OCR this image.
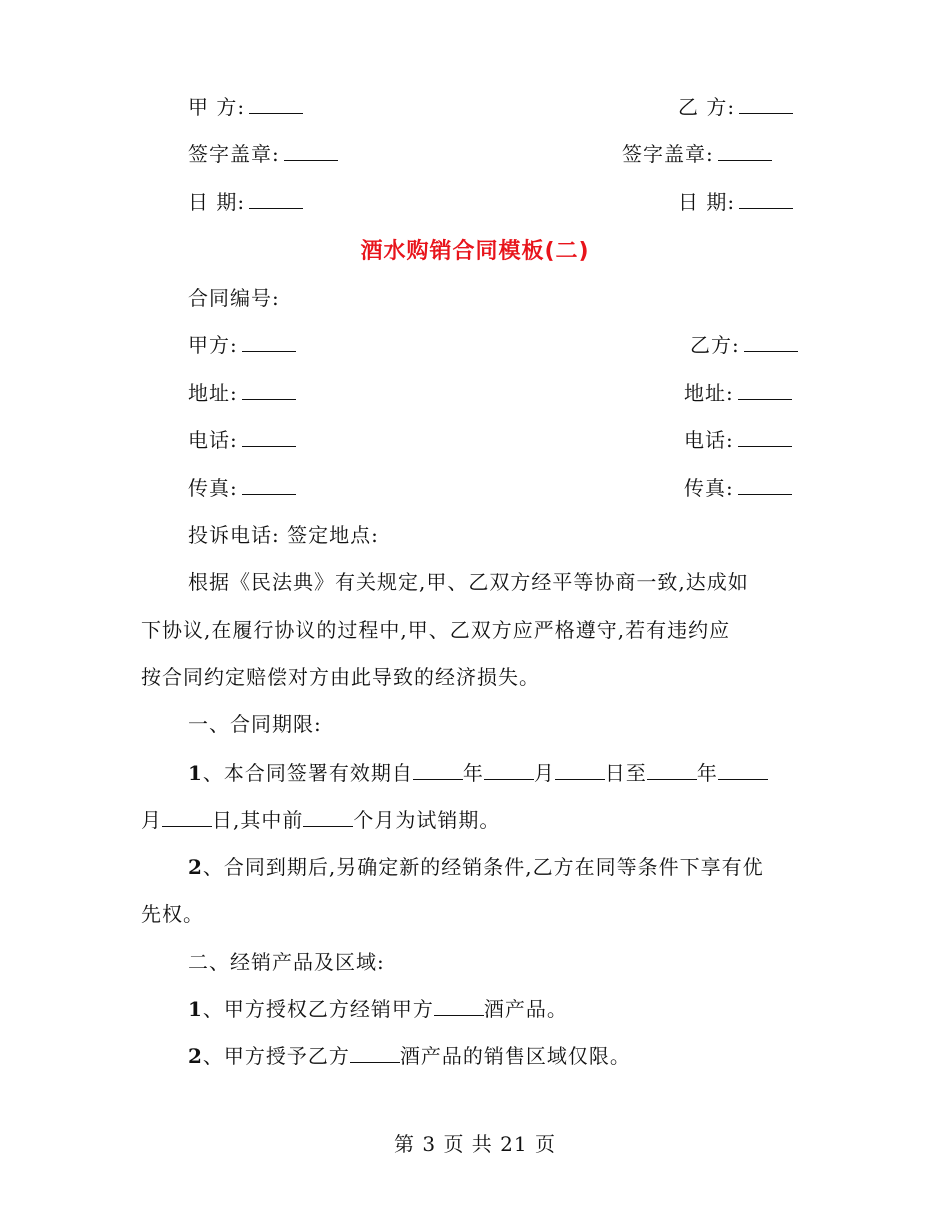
甲 方:	乙 方:
签字盖章:	签字盖章:
日 期:	日 期:
酒水购销合同模板(二)
合同编号:
甲方:	乙方:
地址:	地址:
电话:	电话:
传真:	传真:
投诉电话: 签定地点:
根据《民法典》有关规定,甲、乙双方经平等协商一致,达成如
下协议,在履行协议的过程中,甲、乙双方应严格遵守,若有违约应
按合同约定赔偿对方由此导致的经济损失。
一、合同期限:
1、本合同签署有效期自	年	月	日至	年
月	日,其中前	个月为试销期。
2、合同到期后,另确定新的经销条件,乙方在同等条件下享有优
先权。
二、经销产品及区域:
1、甲方授权乙方经销甲方	酒产品。
2、甲方授予乙方	酒产品的销售区域仅限。
第 3 页 共 21 页
